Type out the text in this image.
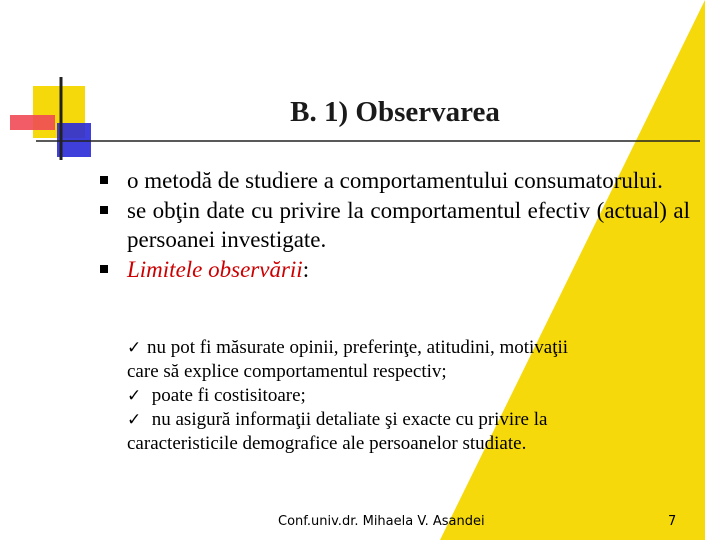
B. 1) Observarea
o metodă de studiere a comportamentului consumatorului.
se obţin date cu privire la comportamentul efectiv (actual) al persoanei investigate.
Limitele observării:
✓ nu pot fi măsurate opinii, preferinţe, atitudini, motivaţii
care să explice comportamentul respectiv;
✓ poate fi costisitoare;
✓ nu asigură informaţii detaliate şi exacte cu privire la
caracteristicile demografice ale persoanelor studiate.
Conf.univ.dr. Mihaela V. Asandei	7
